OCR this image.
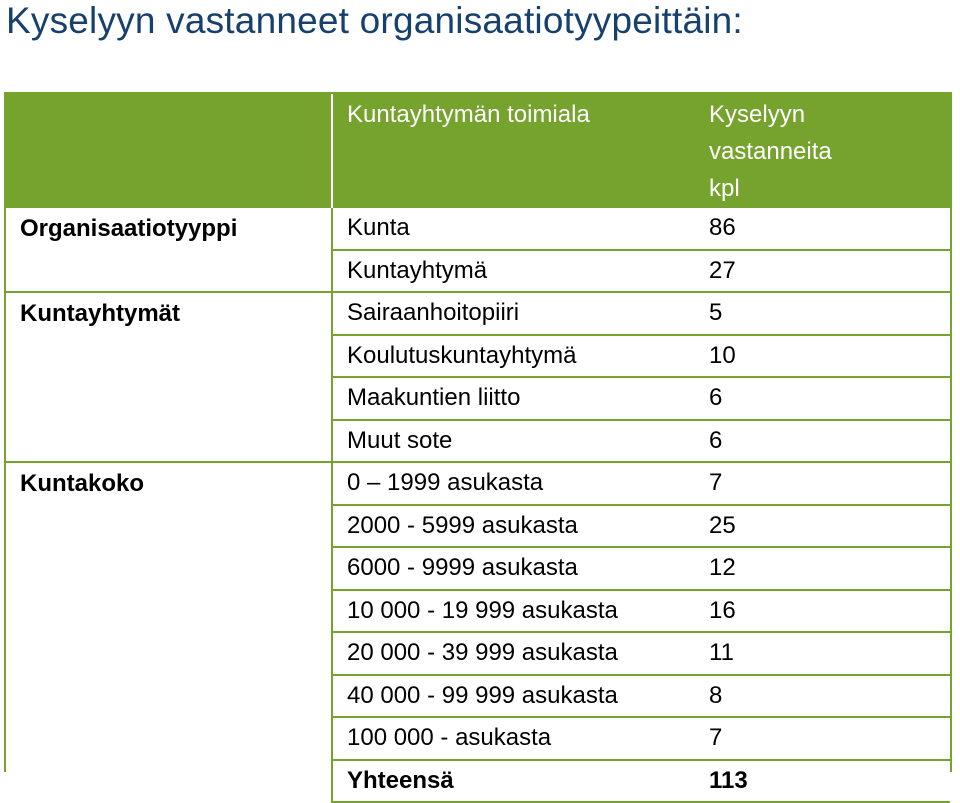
Kyselyyn vastanneet organisaatiotyypeittäin:
	Kuntayhtymän toimiala	Kyselyyn
vastanneita
kpl

Organisaatiotyyppi	Kunta	86
	Kuntayhtymä	27
Kuntayhtymät	Sairaanhoitopiiri	5
	Koulutuskuntayhtymä	10
	Maakuntien liitto	6
	Muut sote	6
Kuntakoko	0 – 1999 asukasta	7
	2000 - 5999 asukasta	25
	6000 - 9999 asukasta	12
	10 000 - 19 999 asukasta	16
	20 000 - 39 999 asukasta	11
	40 000 - 99 999 asukasta	8
	100 000 - asukasta	7
	Yhteensä	113
